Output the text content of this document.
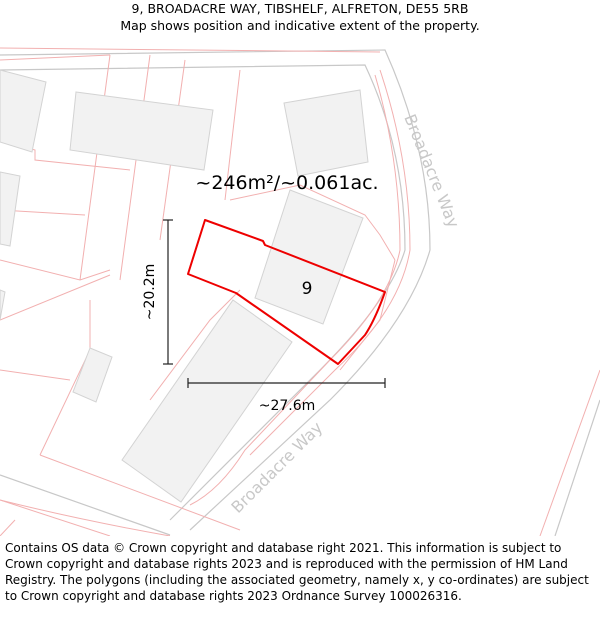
9, BROADACRE WAY, TIBSHELF, ALFRETON, DE55 5RB
Map shows position and indicative extent of the property.
Broadacre Way
Broadacre Way
9
~246m²/~0.061ac.
~20.2m
~27.6m
Contains OS data © Crown copyright and database right 2021. This information is subject to Crown copyright and database rights 2023 and is reproduced with the permission of HM Land Registry. The polygons (including the associated geometry, namely x, y co-ordinates) are subject to Crown copyright and database rights 2023 Ordnance Survey 100026316.
